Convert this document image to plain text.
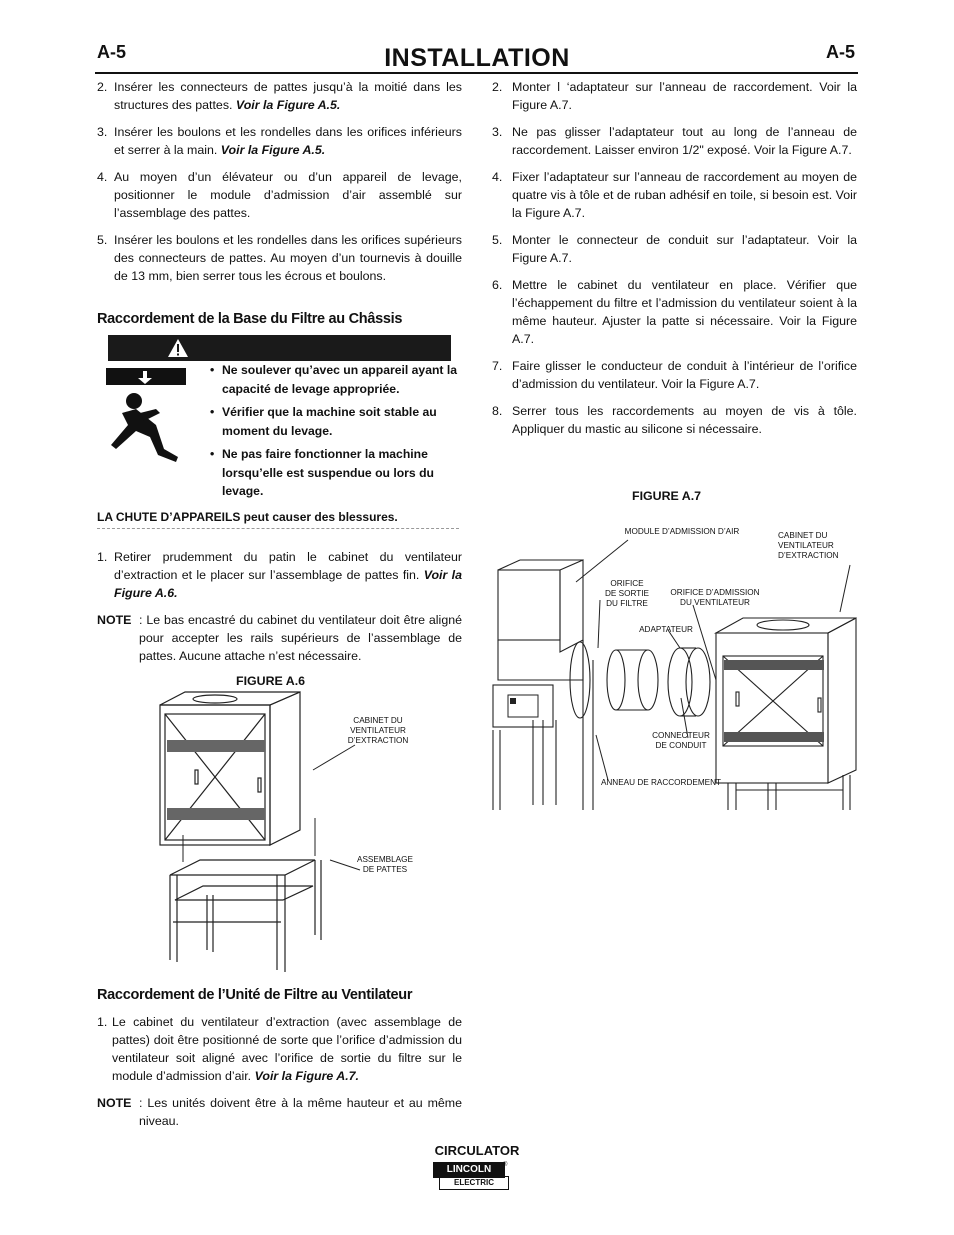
A-5	INSTALLATION	A-5
2. Insérer les connecteurs de pattes jusqu’à la moitié dans les structures des pattes. Voir la Figure A.5.
3. Insérer les boulons et les rondelles dans les orifices inférieurs et serrer à la main. Voir la Figure A.5.
4. Au moyen d’un élévateur ou d’un appareil de levage, positionner le module d’admission d’air assemblé sur l’assemblage des pattes.
5. Insérer les boulons et les rondelles dans les orifices supérieurs des connecteurs de pattes. Au moyen d’un tournevis à douille de 13 mm, bien serrer tous les écrous et boulons.
Raccordement de la Base du Filtre au Châssis
• Ne soulever qu’avec un appareil ayant la capacité de levage appropriée.
• Vérifier que la machine soit stable au moment du levage.
• Ne pas faire fonctionner la machine lorsqu’elle est suspendue ou lors du levage.
LA CHUTE D’APPAREILS peut causer des blessures.
1. Retirer prudemment du patin le cabinet du ventilateur d’extraction et le placer sur l’assemblage de pattes fin. Voir la Figure A.6.
NOTE : Le bas encastré du cabinet du ventilateur doit être aligné pour accepter les rails supérieurs de l’assemblage de pattes. Aucune attache n’est nécessaire.
FIGURE A.6
CABINET DU
VENTILATEUR
D’EXTRACTION
ASSEMBLAGE
DE PATTES
Raccordement de l’Unité de Filtre au Ventilateur
1. Le cabinet du ventilateur d’extraction (avec assemblage de pattes) doit être positionné de sorte que l’orifice d’admission du ventilateur soit aligné avec l’orifice de sortie du filtre sur le module d’admission d’air. Voir la Figure A.7.
NOTE : Les unités doivent être à la même hauteur et au même niveau.
2. Monter l ‘adaptateur sur l’anneau de raccordement. Voir la Figure A.7.
3. Ne pas glisser l’adaptateur tout au long de l’anneau de raccordement. Laisser environ 1/2" exposé. Voir la Figure A.7.
4. Fixer l’adaptateur sur l’anneau de raccordement au moyen de quatre vis à tôle et de ruban adhésif en toile, si besoin est. Voir la Figure A.7.
5. Monter le connecteur de conduit sur l’adaptateur. Voir la Figure A.7.
6. Mettre le cabinet du ventilateur en place. Vérifier que l’échappement du filtre et l’admission du ventilateur soient à la même hauteur. Ajuster la patte si nécessaire. Voir la Figure A.7.
7. Faire glisser le conducteur de conduit à l’intérieur de l’orifice d’admission du ventilateur. Voir la Figure A.7.
8. Serrer tous les raccordements au moyen de vis à tôle. Appliquer du mastic au silicone si nécessaire.
FIGURE A.7
MODULE D’ADMISSION D’AIR	CABINET DU
VENTILATEUR
D’EXTRACTION
ORIFICE
DE SORTIE
DU FILTRE
ORIFICE D’ADMISSION
DU VENTILATEUR
ADAPTATEUR
CONNECTEUR
DE CONDUIT
ANNEAU DE RACCORDEMENT
CIRCULATOR
LINCOLN	®
ELECTRIC
